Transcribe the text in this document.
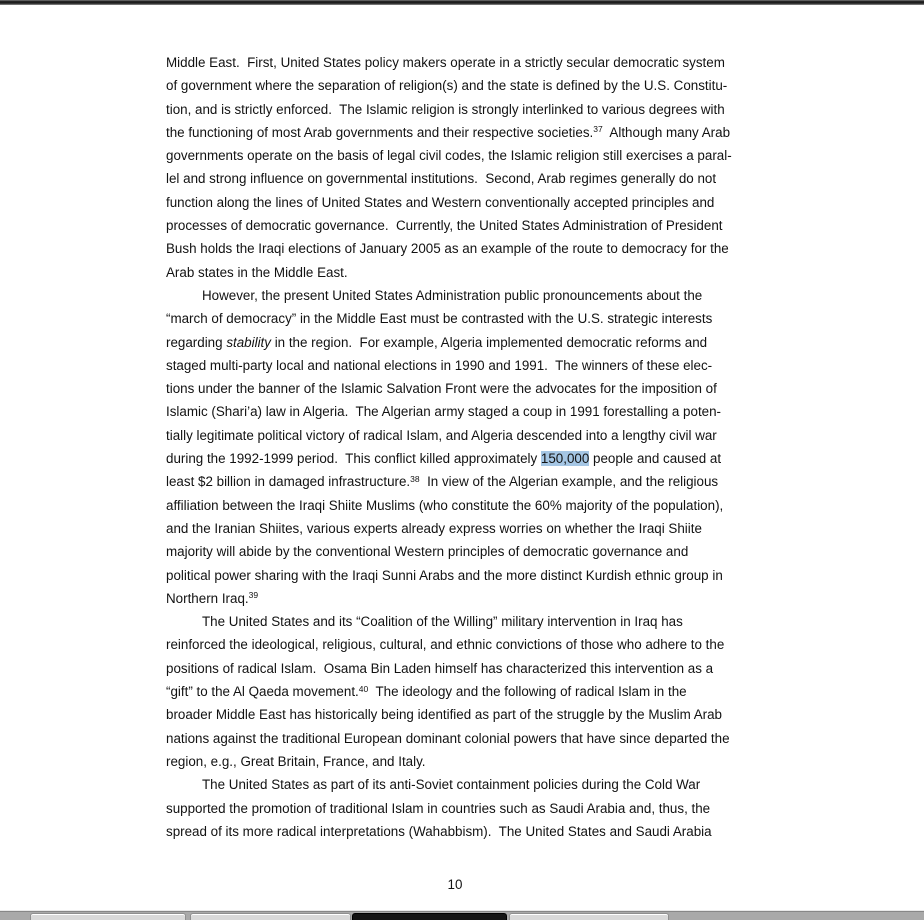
Middle East.  First, United States policy makers operate in a strictly secular democratic system
of government where the separation of religion(s) and the state is defined by the U.S. Constitu-
tion, and is strictly enforced.  The Islamic religion is strongly interlinked to various degrees with
the functioning of most Arab governments and their respective societies.$^{37}$  Although many Arab
governments operate on the basis of legal civil codes, the Islamic religion still exercises a paral-
lel and strong influence on governmental institutions.  Second, Arab regimes generally do not
function along the lines of United States and Western conventionally accepted principles and
processes of democratic governance.  Currently, the United States Administration of President
Bush holds the Iraqi elections of January 2005 as an example of the route to democracy for the
Arab states in the Middle East.
However, the present United States Administration public pronouncements about the
“march of democracy” in the Middle East must be contrasted with the U.S. strategic interests
regarding stability in the region.  For example, Algeria implemented democratic reforms and
staged multi-party local and national elections in 1990 and 1991.  The winners of these elec-
tions under the banner of the Islamic Salvation Front were the advocates for the imposition of
Islamic (Shari’a) law in Algeria.  The Algerian army staged a coup in 1991 forestalling a poten-
tially legitimate political victory of radical Islam, and Algeria descended into a lengthy civil war
during the 1992-1999 period.  This conflict killed approximately 150,000 people and caused at
least $2 billion in damaged infrastructure.$^{38}$  In view of the Algerian example, and the religious
affiliation between the Iraqi Shiite Muslims (who constitute the 60% majority of the population),
and the Iranian Shiites, various experts already express worries on whether the Iraqi Shiite
majority will abide by the conventional Western principles of democratic governance and
political power sharing with the Iraqi Sunni Arabs and the more distinct Kurdish ethnic group in
Northern Iraq.$^{39}$
The United States and its “Coalition of the Willing” military intervention in Iraq has
reinforced the ideological, religious, cultural, and ethnic convictions of those who adhere to the
positions of radical Islam.  Osama Bin Laden himself has characterized this intervention as a
“gift” to the Al Qaeda movement.$^{40}$  The ideology and the following of radical Islam in the
broader Middle East has historically being identified as part of the struggle by the Muslim Arab
nations against the traditional European dominant colonial powers that have since departed the
region, e.g., Great Britain, France, and Italy.
The United States as part of its anti-Soviet containment policies during the Cold War
supported the promotion of traditional Islam in countries such as Saudi Arabia and, thus, the
spread of its more radical interpretations (Wahabbism).  The United States and Saudi Arabia
10
